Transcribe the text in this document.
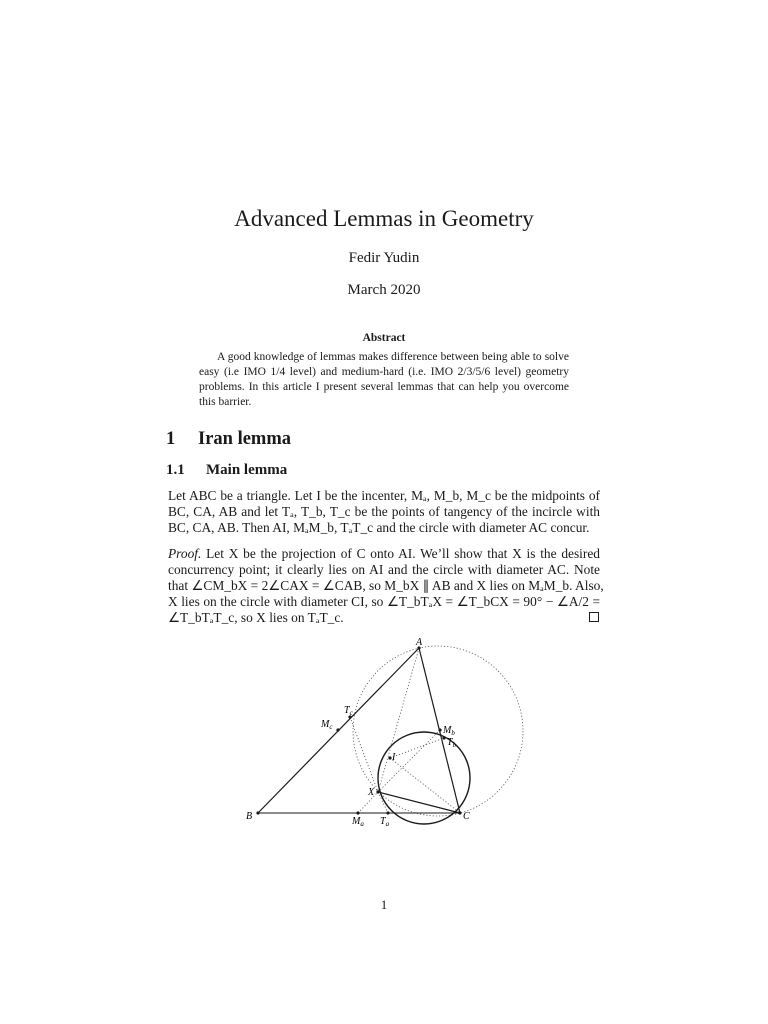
Advanced Lemmas in Geometry
Fedir Yudin
March 2020
Abstract
A good knowledge of lemmas makes difference between being able to solve easy (i.e IMO 1/4 level) and medium-hard (i.e. IMO 2/3/5/6 level) geometry problems. In this article I present several lemmas that can help you overcome this barrier.
1 Iran lemma
1.1 Main lemma
Let ABC be a triangle. Let I be the incenter, Mₐ, M_b, M_c be the midpoints of
BC, CA, AB and let Tₐ, T_b, T_c be the points of tangency of the incircle with
BC, CA, AB. Then AI, MₐM_b, TₐT_c and the circle with diameter AC concur.
Proof. Let X be the projection of C onto AI. We’ll show that X is the desired
concurrency point; it clearly lies on AI and the circle with diameter AC. Note
that ∠CM_bX = 2∠CAX = ∠CAB, so M_bX ∥ AB and X lies on MₐM_b. Also,
X lies on the circle with diameter CI, so ∠T_bTₐX = ∠T_bCX = 90° − ∠A/2 =
∠T_bTₐT_c, so X lies on TₐT_c.
A
B	C
I
X
$M_a$ $T_a$
$M_b$
$T_b$
$M_c$
$T_c$
1
